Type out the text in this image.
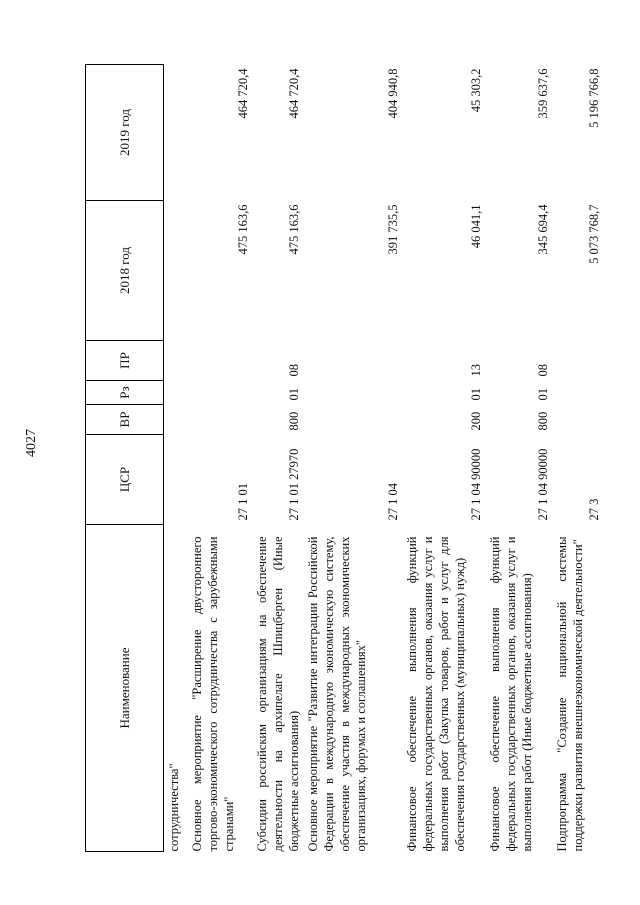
4027
Наименование	ЦСР	ВР	Рз	ПР	2018 год	2019 год
сотрудничества"						
Основное мероприятие "Расширение двустороннего торгово-экономического сотрудничества с зарубежными странами"	27 1 01				475 163,6	464 720,4
Субсидии российским организациям на обеспечение деятельности на архипелаге Шпицберген (Иные бюджетные ассигнования)	27 1 01 27970	800	01	08	475 163,6	464 720,4
Основное мероприятие "Развитие интеграции Российской Федерации в международную экономическую систему, обеспечение участия в международных экономических организациях, форумах и соглашениях"	27 1 04				391 735,5	404 940,8
Финансовое обеспечение выполнения функций федеральных государственных органов, оказания услуг и выполнения работ (Закупка товаров, работ и услуг для обеспечения государственных (муниципальных) нужд)	27 1 04 90000	200	01	13	46 041,1	45 303,2
Финансовое обеспечение выполнения функций федеральных государственных органов, оказания услуг и выполнения работ (Иные бюджетные ассигнования)	27 1 04 90000	800	01	08	345 694,4	359 637,6
Подпрограмма "Создание национальной системы поддержки развития внешнеэкономической деятельности"	27 3				5 073 768,7	5 196 766,8
